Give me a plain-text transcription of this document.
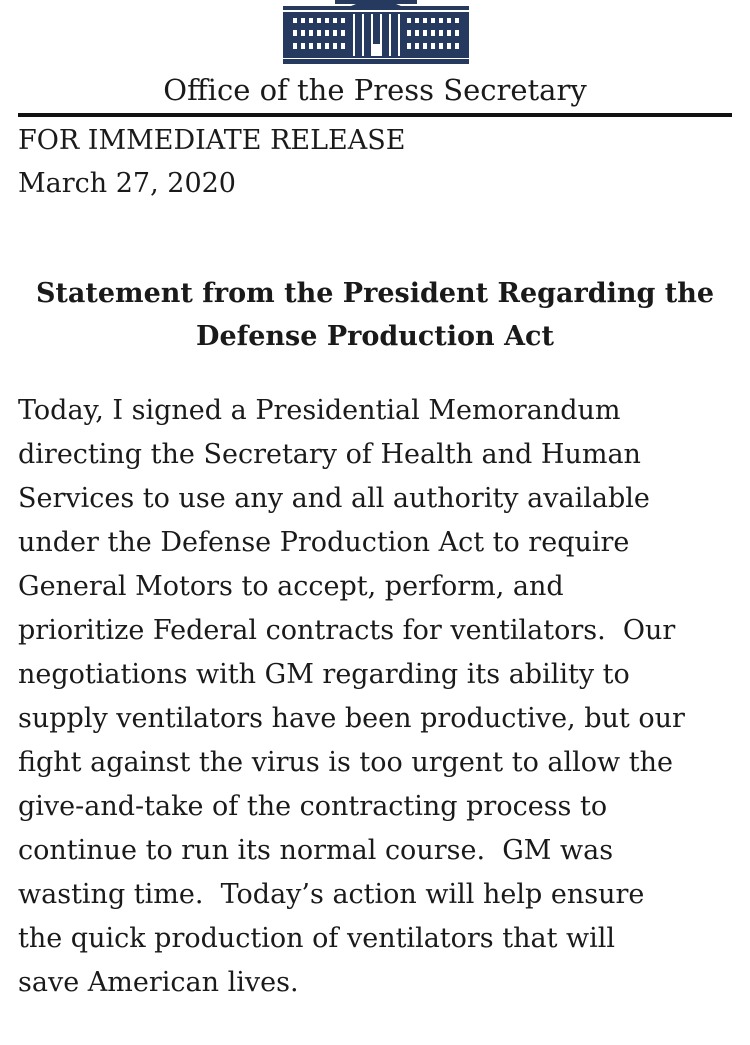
Office of the Press Secretary
FOR IMMEDIATE RELEASE
March 27, 2020
Statement from the President Regarding the
Defense Production Act
Today, I signed a Presidential Memorandum
directing the Secretary of Health and Human
Services to use any and all authority available
under the Defense Production Act to require
General Motors to accept, perform, and
prioritize Federal contracts for ventilators.  Our
negotiations with GM regarding its ability to
supply ventilators have been productive, but our
fight against the virus is too urgent to allow the
give-and-take of the contracting process to
continue to run its normal course.  GM was
wasting time.  Today’s action will help ensure
the quick production of ventilators that will
save American lives.
